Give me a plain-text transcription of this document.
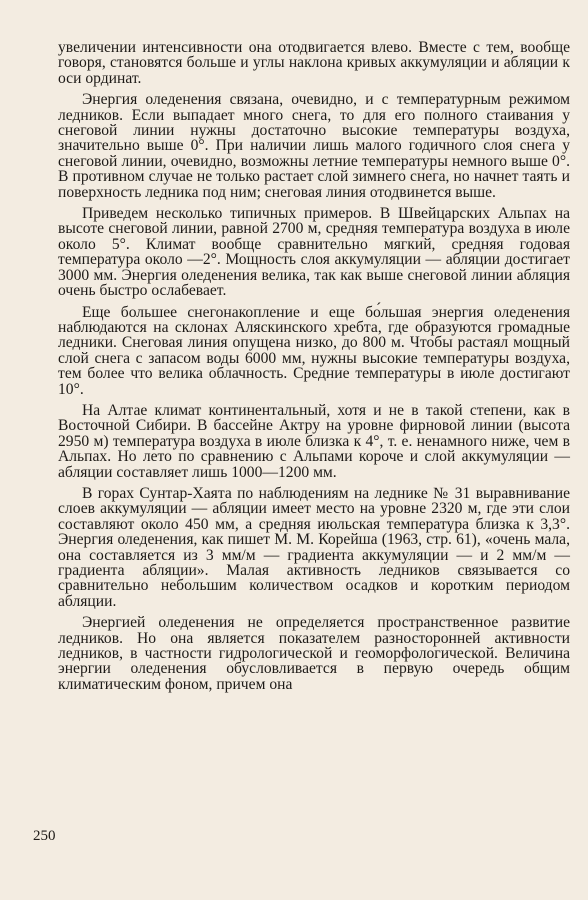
увеличении интенсивности она отодвигается влево. Вместе с тем, вообще говоря, становятся больше и углы наклона кривых аккумуляции и абляции к оси ординат.

Энергия оледенения связана, очевидно, и с температурным режимом ледников. Если выпадает много снега, то для его полного стаивания у снеговой линии нужны достаточно высокие температуры воздуха, значительно выше 0°. При наличии лишь малого годичного слоя снега у снеговой линии, очевидно, возможны летние температуры немного выше 0°. В противном случае не только растает слой зимнего снега, но начнет таять и поверхность ледника под ним; снеговая линия отодвинется выше.

Приведем несколько типичных примеров. В Швейцарских Альпах на высоте снеговой линии, равной 2700 м, средняя температура воздуха в июле около 5°. Климат вообще сравнительно мягкий, средняя годовая температура около —2°. Мощность слоя аккумуляции — абляции достигает 3000 мм. Энергия оледенения велика, так как выше снеговой линии абляция очень быстро ослабевает.

Еще большее снегонакопление и еще бо́льшая энергия оледенения наблюдаются на склонах Аляскинского хребта, где образуются громадные ледники. Снеговая линия опущена низко, до 800 м. Чтобы растаял мощный слой снега с запасом воды 6000 мм, нужны высокие температуры воздуха, тем более что велика облачность. Средние температуры в июле достигают 10°.

На Алтае климат континентальный, хотя и не в такой степени, как в Восточной Сибири. В бассейне Актру на уровне фирновой линии (высота 2950 м) температура воздуха в июле близка к 4°, т. е. ненамного ниже, чем в Альпах. Но лето по сравнению с Альпами короче и слой аккумуляции — абляции составляет лишь 1000—1200 мм.

В горах Сунтар-Хаята по наблюдениям на леднике № 31 выравнивание слоев аккумуляции — абляции имеет место на уровне 2320 м, где эти слои составляют около 450 мм, а средняя июльская температура близка к 3,3°. Энергия оледенения, как пишет М. М. Корейша (1963, стр. 61), «очень мала, она составляется из 3 мм/м — градиента аккумуляции — и 2 мм/м — градиента абляции». Малая активность ледников связывается со сравнительно небольшим количеством осадков и коротким периодом абляции.

Энергией оледенения не определяется пространственное развитие ледников. Но она является показателем разносторонней активности ледников, в частности гидрологической и геоморфологической. Величина энергии оледенения обусловливается в первую очередь общим климатическим фоном, причем она

250
